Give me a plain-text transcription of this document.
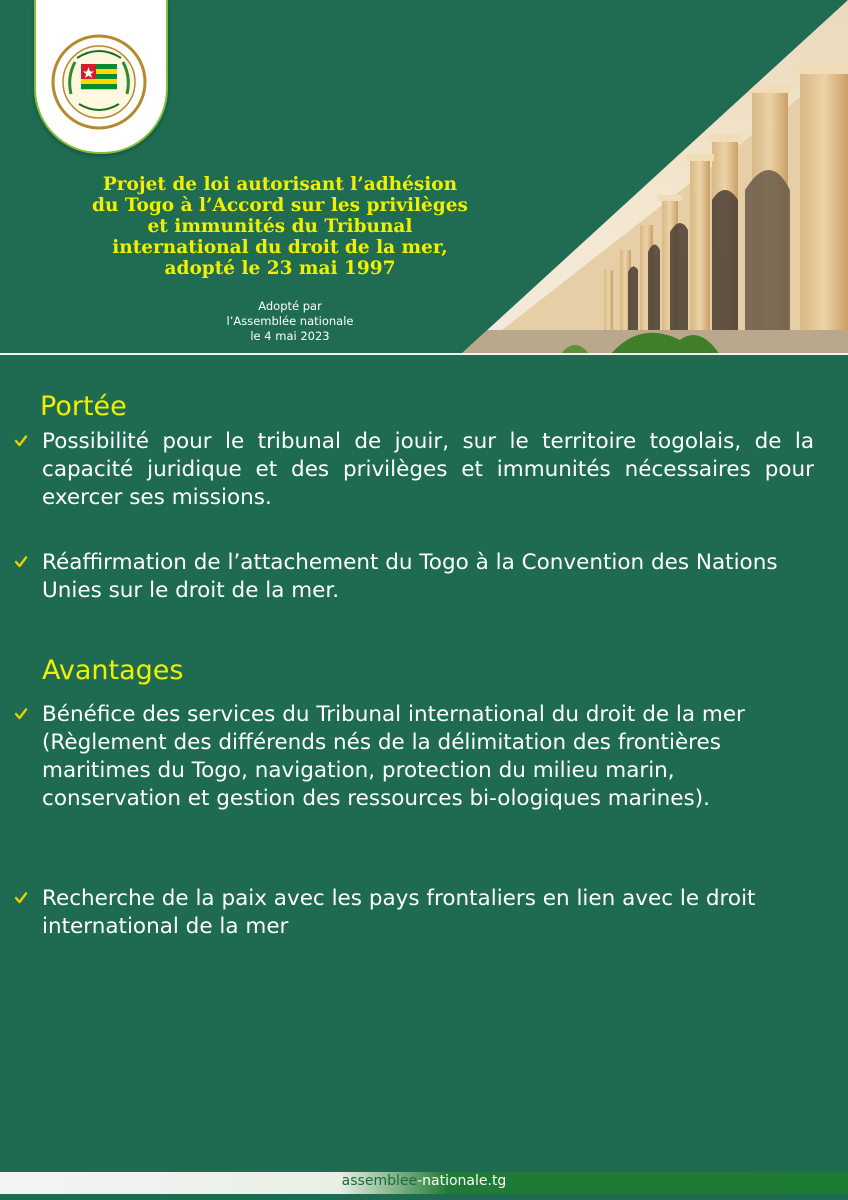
Projet de loi autorisant l’adhésion
du Togo à l’Accord sur les privilèges
et immunités du Tribunal
international du droit de la mer,
adopté le 23 mai 1997
Adopté par
l’Assemblée nationale
le 4 mai 2023
Portée

Possibilité pour le tribunal de jouir, sur le territoire togolais, de la capacité juridique et des privilèges et immunités nécessaires pour exercer ses missions.

Réaffirmation de l’attachement du Togo à la Convention des Nations Unies sur le droit de la mer.

Avantages

Bénéfice des services du Tribunal international du droit de la mer (Règlement des différends nés de la délimitation des frontières maritimes du Togo, navigation, protection du milieu marin, conservation et gestion des ressources bi-ologiques marines).

Recherche de la paix avec les pays frontaliers en lien avec le droit international de la mer

assemblee-nationale.tg
